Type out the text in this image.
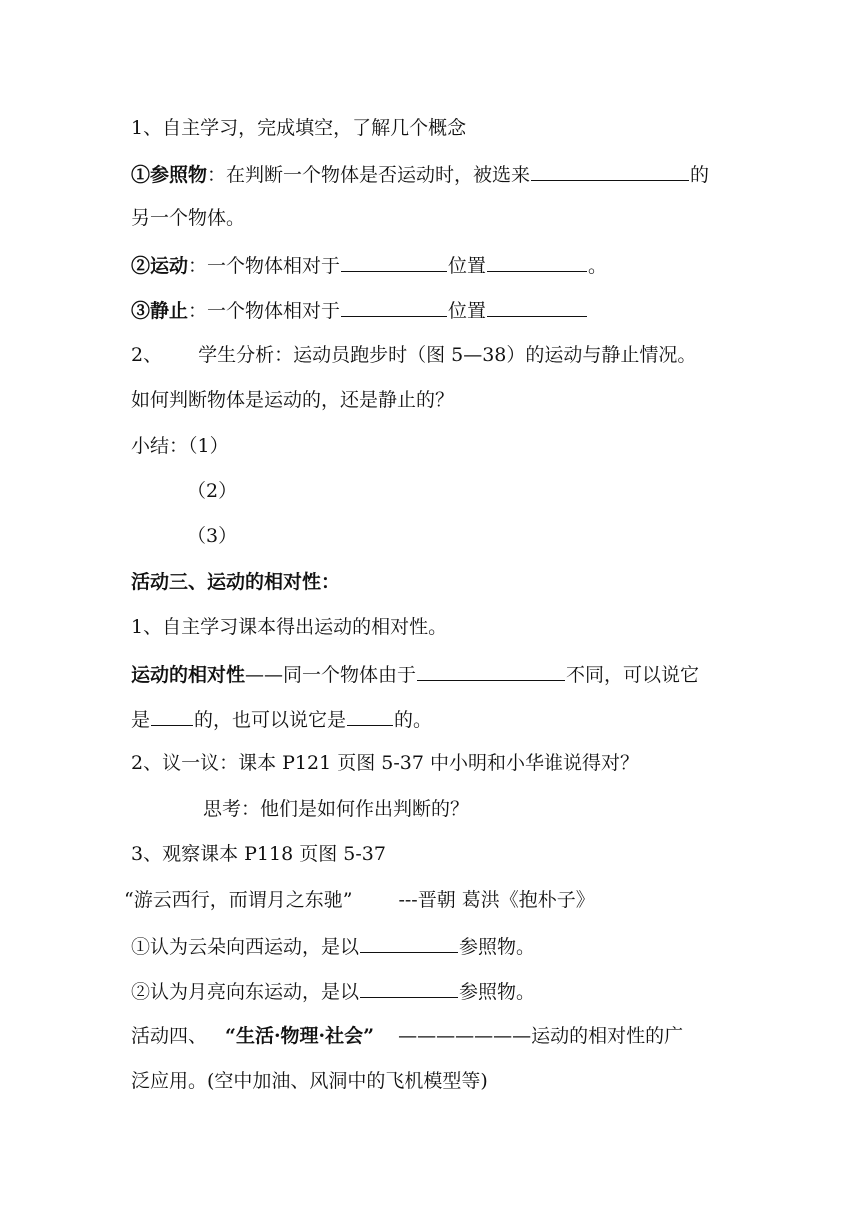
1、自主学习，完成填空，了解几个概念
①参照物：在判断一个物体是否运动时，被选来	的
另一个物体。
②运动：一个物体相对于	位置	。
③静止：一个物体相对于	位置
2、 学生分析：运动员跑步时（图 5—38）的运动与静止情况。
如何判断物体是运动的，还是静止的？
小结：（1）
（2）
（3）
活动三、运动的相对性：
1、自主学习课本得出运动的相对性。
运动的相对性——同一个物体由于	不同，可以说它
是 的，也可以说它是	的。
2、议一议：课本 P121 页图 5-37 中小明和小华谁说得对？
思考：他们是如何作出判断的？
3、观察课本 P118 页图 5-37
“游云西行，而谓月之东驰” ---晋朝 葛洪《抱朴子》
①认为云朵向西运动，是以	参照物。
②认为月亮向东运动，是以	参照物。
活动四、 “生活·物理·社会” ———————运动的相对性的广
泛应用。(空中加油、风洞中的飞机模型等)
